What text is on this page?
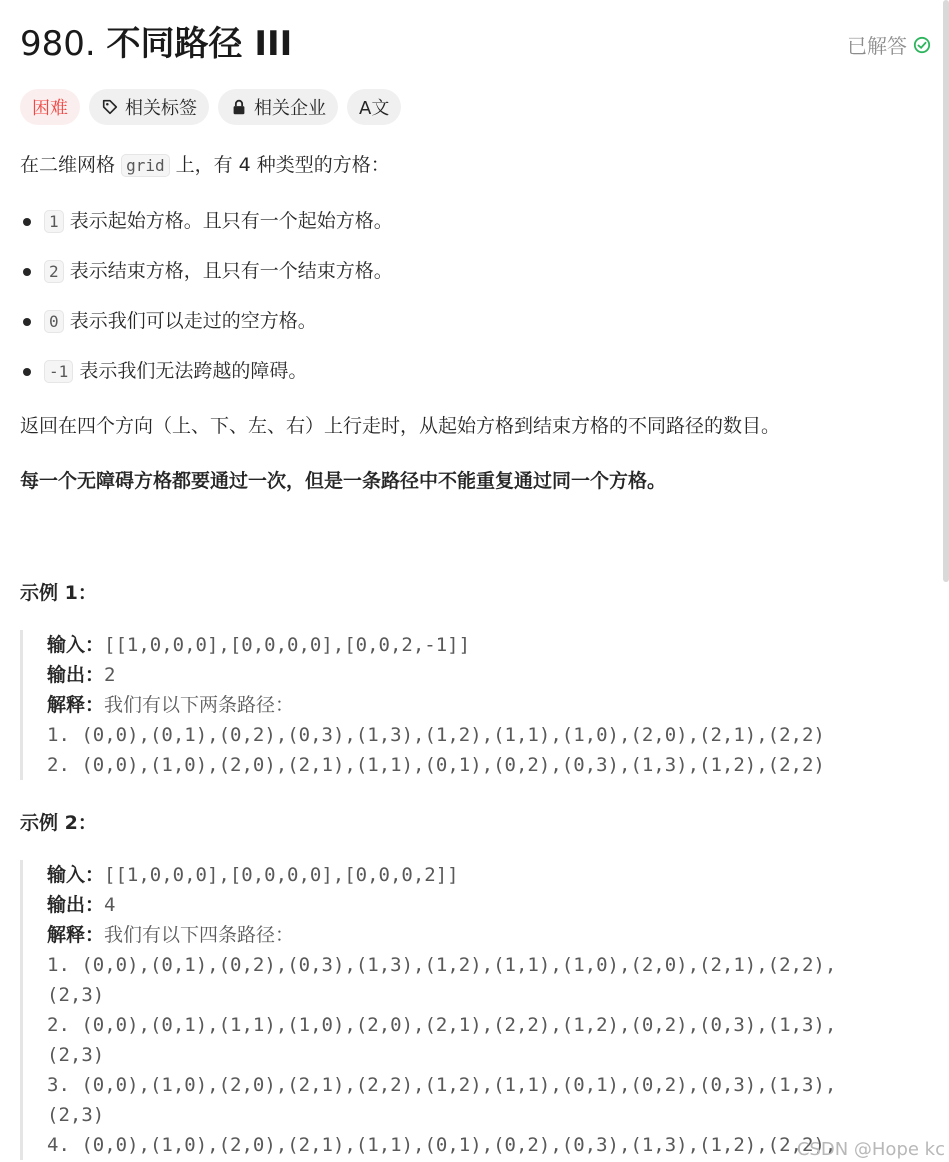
980. 不同路径 III	已解答
困难	相关标签	相关企业 A文
在二维网格 grid 上，有 4 种类型的方格：
1 表示起始方格。且只有一个起始方格。
2 表示结束方格，且只有一个结束方格。
0 表示我们可以走过的空方格。
-1 表示我们无法跨越的障碍。
返回在四个方向（上、下、左、右）上行走时，从起始方格到结束方格的不同路径的数目。
每一个无障碍方格都要通过一次，但是一条路径中不能重复通过同一个方格。
示例 1：
输入：[[1,0,0,0],[0,0,0,0],[0,0,2,-1]]
输出：2
解释：我们有以下两条路径：
1. (0,0),(0,1),(0,2),(0,3),(1,3),(1,2),(1,1),(1,0),(2,0),(2,1),(2,2)
2. (0,0),(1,0),(2,0),(2,1),(1,1),(0,1),(0,2),(0,3),(1,3),(1,2),(2,2)
示例 2：
输入：[[1,0,0,0],[0,0,0,0],[0,0,0,2]]
输出：4
解释：我们有以下四条路径：
1. (0,0),(0,1),(0,2),(0,3),(1,3),(1,2),(1,1),(1,0),(2,0),(2,1),(2,2),
(2,3)
2. (0,0),(0,1),(1,1),(1,0),(2,0),(2,1),(2,2),(1,2),(0,2),(0,3),(1,3),
(2,3)
3. (0,0),(1,0),(2,0),(2,1),(2,2),(1,2),(1,1),(0,1),(0,2),(0,3),(1,3),
(2,3)
4. (0,0),(1,0),(2,0),(2,1),(1,1),(0,1),(0,2),(0,3),(1,3),(1,2),(2,2),
CSDN @Hope kc
